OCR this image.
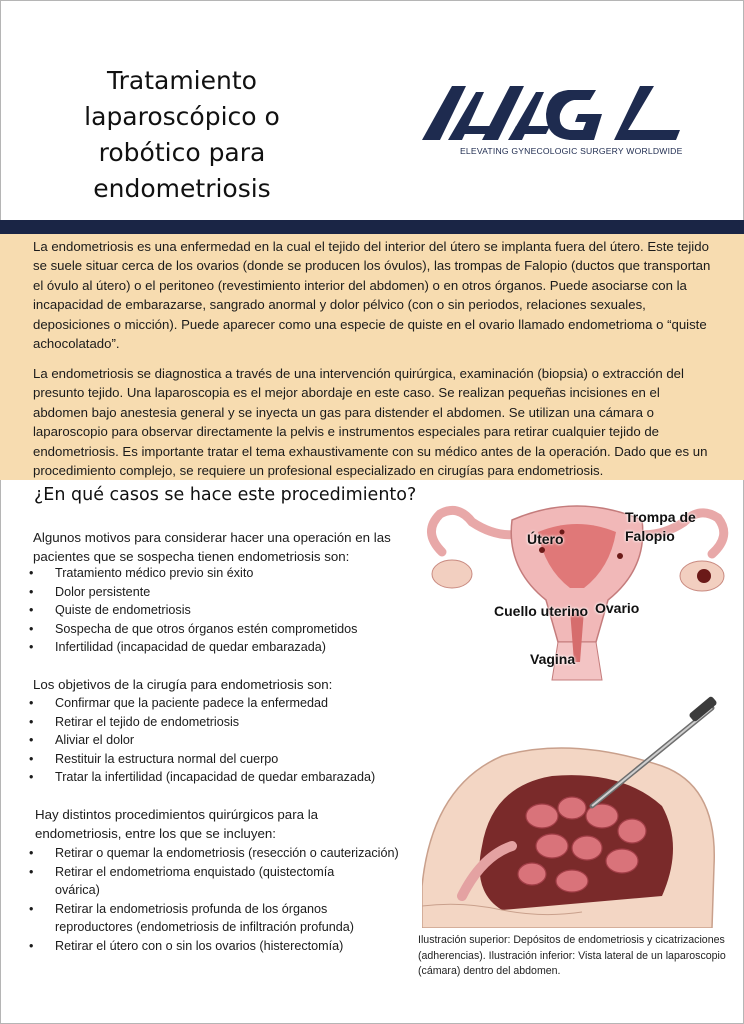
Tratamiento
laparoscópico o
robótico para
endometriosis
ELEVATING GYNECOLOGIC SURGERY WORLDWIDE

La endometriosis es una enfermedad en la cual el tejido del interior del útero se implanta fuera del útero. Este tejido se suele situar cerca de los ovarios (donde se producen los óvulos), las trompas de Falopio (ductos que transportan el óvulo al útero) o el peritoneo (revestimiento interior del abdomen) o en otros órganos. Puede asociarse con la incapacidad de embarazarse, sangrado anormal y dolor pélvico (con o sin periodos, relaciones sexuales, deposiciones o micción). Puede aparecer como una especie de quiste en el ovario llamado endometrioma o “quiste achocolatado”.

La endometriosis se diagnostica a través de una intervención quirúrgica, examinación (biopsia) o extracción del presunto tejido. Una laparoscopia es el mejor abordaje en este caso. Se realizan pequeñas incisiones en el abdomen bajo anestesia general y se inyecta un gas para distender el abdomen. Se utilizan una cámara o laparoscopio para observar directamente la pelvis e instrumentos especiales para retirar cualquier tejido de endometriosis. Es importante tratar el tema exhaustivamente con su médico antes de la operación. Dado que es un procedimiento complejo, se requiere un profesional especializado en cirugías para endometriosis.

¿En qué casos se hace este procedimiento?
Algunos motivos para considerar hacer una operación en las pacientes que se sospecha tienen endometriosis son:
• Tratamiento médico previo sin éxito
• Dolor persistente
• Quiste de endometriosis
• Sospecha de que otros órganos estén comprometidos
• Infertilidad (incapacidad de quedar embarazada)
Los objetivos de la cirugía para endometriosis son:
• Confirmar que la paciente padece la enfermedad
• Retirar el tejido de endometriosis
• Aliviar el dolor
• Restituir la estructura normal del cuerpo
• Tratar la infertilidad (incapacidad de quedar embarazada)
Hay distintos procedimientos quirúrgicos para la endometriosis, entre los que se incluyen:
• Retirar o quemar la endometriosis (resección o cauterización)
• Retirar el endometrioma enquistado (quistectomía ovárica)
• Retirar la endometriosis profunda de los órganos reproductores (endometriosis de infiltración profunda)
• Retirar el útero con o sin los ovarios (histerectomía)
Útero
Ovario
Trompa de Falopio
Cuello uterino
Vagina
Ilustración superior: Depósitos de endometriosis y cicatrizaciones (adherencias). Ilustración inferior: Vista lateral de un laparoscopio (cámara) dentro del abdomen.
